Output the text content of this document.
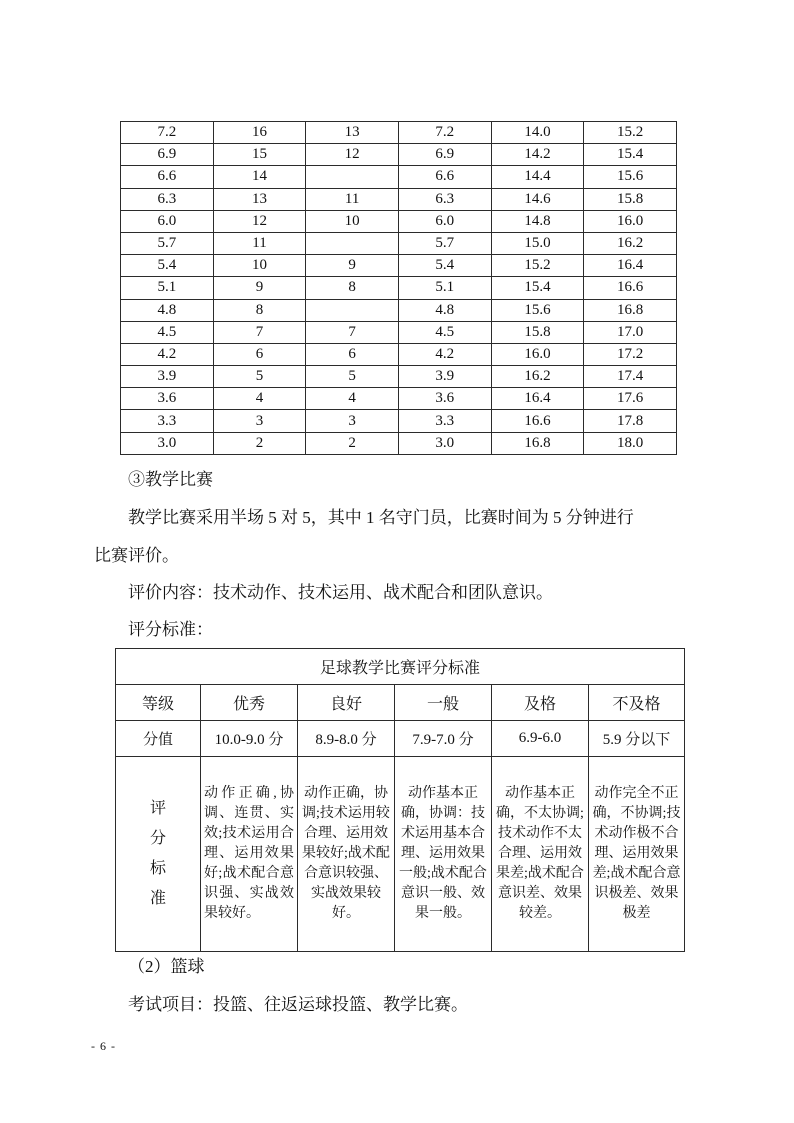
7.2	16	13	7.2	14.0	15.2
6.9	15	12	6.9	14.2	15.4
6.6	14		6.6	14.4	15.6
6.3	13	11	6.3	14.6	15.8
6.0	12	10	6.0	14.8	16.0
5.7	11		5.7	15.0	16.2
5.4	10	9	5.4	15.2	16.4
5.1	9	8	5.1	15.4	16.6
4.8	8		4.8	15.6	16.8
4.5	7	7	4.5	15.8	17.0
4.2	6	6	4.2	16.0	17.2
3.9	5	5	3.9	16.2	17.4
3.6	4	4	3.6	16.4	17.6
3.3	3	3	3.3	16.6	17.8
3.0	2	2	3.0	16.8	18.0
③教学比赛
教学比赛采用半场 5 对 5，其中 1 名守门员，比赛时间为 5 分钟进行
比赛评价。
评价内容：技术动作、技术运用、战术配合和团队意识。
评分标准：
足球教学比赛评分标准					
等级	优秀	良好	一般	及格	不及格
分值	10.0-9.0 分	8.9-8.0 分	7.9-7.0 分	6.9-6.0	5.9 分以下

评分标准	动作正确,协调、连贯、实效;技术运用合理、运用效果好;战术配合意识强、实战效果较好。	动作正确，协调;技术运用较合理、运用效果较好;战术配合意识较强、实战效果较好。	动作基本正确，协调：技术运用基本合理、运用效果一般;战术配合意识一般、效果一般。	动作基本正确，不太协调;技术动作不太合理、运用效果差;战术配合意识差、效果较差。	动作完全不正确，不协调;技术动作极不合理、运用效果差;战术配合意识极差、效果极差
（2）篮球
考试项目：投篮、往返运球投篮、教学比赛。
- 6 -
